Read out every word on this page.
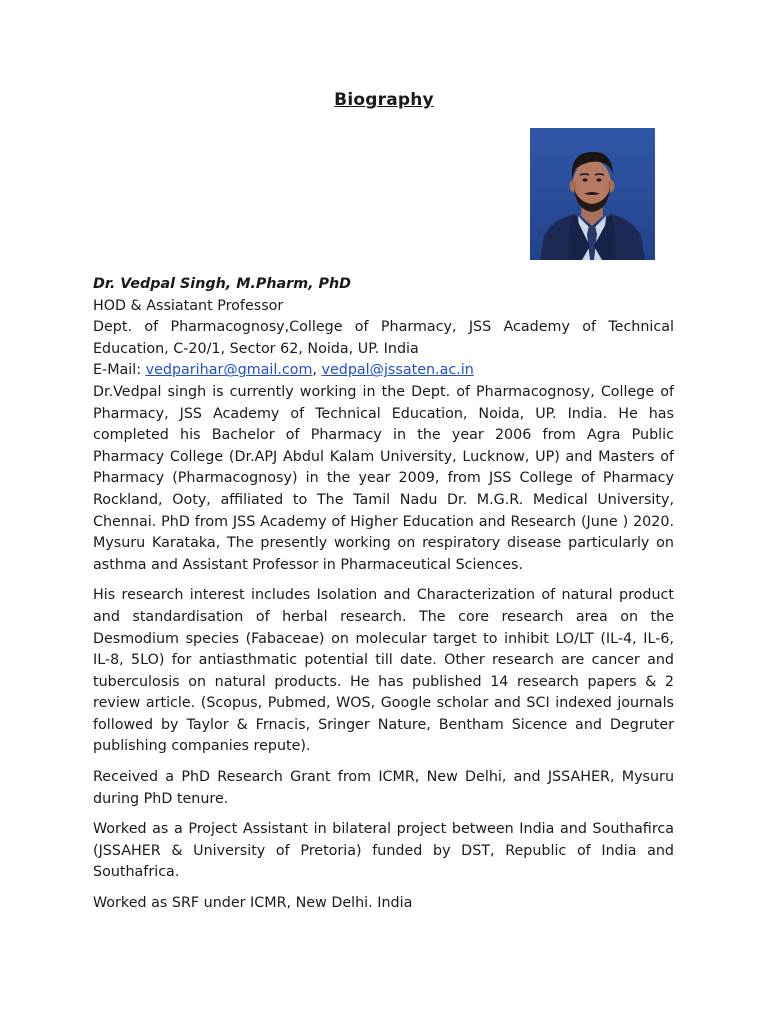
Biography
Dr. Vedpal Singh, M.Pharm, PhD
HOD & Assiatant Professor
Dept. of Pharmacognosy,College of Pharmacy, JSS Academy of Technical Education, C-20/1, Sector 62, Noida, UP. India
E-Mail: vedparihar@gmail.com, vedpal@jssaten.ac.in

Dr.Vedpal singh is currently working in the Dept. of Pharmacognosy, College of Pharmacy, JSS Academy of Technical Education, Noida, UP. India. He has completed his Bachelor of Pharmacy in the year 2006 from Agra Public Pharmacy College (Dr.APJ Abdul Kalam University, Lucknow, UP) and Masters of Pharmacy (Pharmacognosy) in the year 2009, from JSS College of Pharmacy Rockland, Ooty, affiliated to The Tamil Nadu Dr. M.G.R. Medical University, Chennai. PhD from JSS Academy of Higher Education and Research (June ) 2020. Mysuru Karataka, The presently working on respiratory disease particularly on asthma and Assistant Professor in Pharmaceutical Sciences.

His research interest includes Isolation and Characterization of natural product and standardisation of herbal research. The core research area on the Desmodium species (Fabaceae) on molecular target to inhibit LO/LT (IL-4, IL-6, IL-8, 5LO) for antiasthmatic potential till date. Other research are cancer and tuberculosis on natural products. He has published 14 research papers & 2 review article. (Scopus, Pubmed, WOS, Google scholar and SCI indexed journals followed by Taylor & Frnacis, Sringer Nature, Bentham Sicence and Degruter publishing companies repute).

Received a PhD Research Grant from ICMR, New Delhi, and JSSAHER, Mysuru during PhD tenure.

Worked as a Project Assistant in bilateral project between India and Southafirca (JSSAHER & University of Pretoria) funded by DST, Republic of India and Southafrica.

Worked as SRF under ICMR, New Delhi. India
